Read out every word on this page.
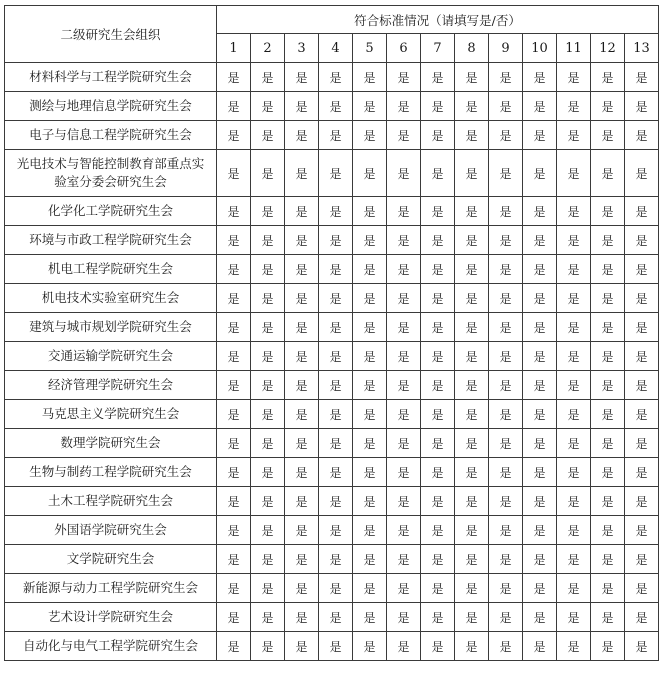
二级研究生会组织	符合标准情况（请填写是/否）												
	1	2	3	4	5	6	7	8	9	10	11	12	13
材料科学与工程学院研究生会	是	是	是	是	是	是	是	是	是	是	是	是	是
测绘与地理信息学院研究生会	是	是	是	是	是	是	是	是	是	是	是	是	是
电子与信息工程学院研究生会	是	是	是	是	是	是	是	是	是	是	是	是	是
光电技术与智能控制教育部重点实验室分委会研究生会	是	是	是	是	是	是	是	是	是	是	是	是	是
化学化工学院研究生会	是	是	是	是	是	是	是	是	是	是	是	是	是
环境与市政工程学院研究生会	是	是	是	是	是	是	是	是	是	是	是	是	是
机电工程学院研究生会	是	是	是	是	是	是	是	是	是	是	是	是	是
机电技术实验室研究生会	是	是	是	是	是	是	是	是	是	是	是	是	是
建筑与城市规划学院研究生会	是	是	是	是	是	是	是	是	是	是	是	是	是
交通运输学院研究生会	是	是	是	是	是	是	是	是	是	是	是	是	是
经济管理学院研究生会	是	是	是	是	是	是	是	是	是	是	是	是	是
马克思主义学院研究生会	是	是	是	是	是	是	是	是	是	是	是	是	是
数理学院研究生会	是	是	是	是	是	是	是	是	是	是	是	是	是
生物与制药工程学院研究生会	是	是	是	是	是	是	是	是	是	是	是	是	是
土木工程学院研究生会	是	是	是	是	是	是	是	是	是	是	是	是	是
外国语学院研究生会	是	是	是	是	是	是	是	是	是	是	是	是	是
文学院研究生会	是	是	是	是	是	是	是	是	是	是	是	是	是
新能源与动力工程学院研究生会	是	是	是	是	是	是	是	是	是	是	是	是	是
艺术设计学院研究生会	是	是	是	是	是	是	是	是	是	是	是	是	是
自动化与电气工程学院研究生会	是	是	是	是	是	是	是	是	是	是	是	是	是
